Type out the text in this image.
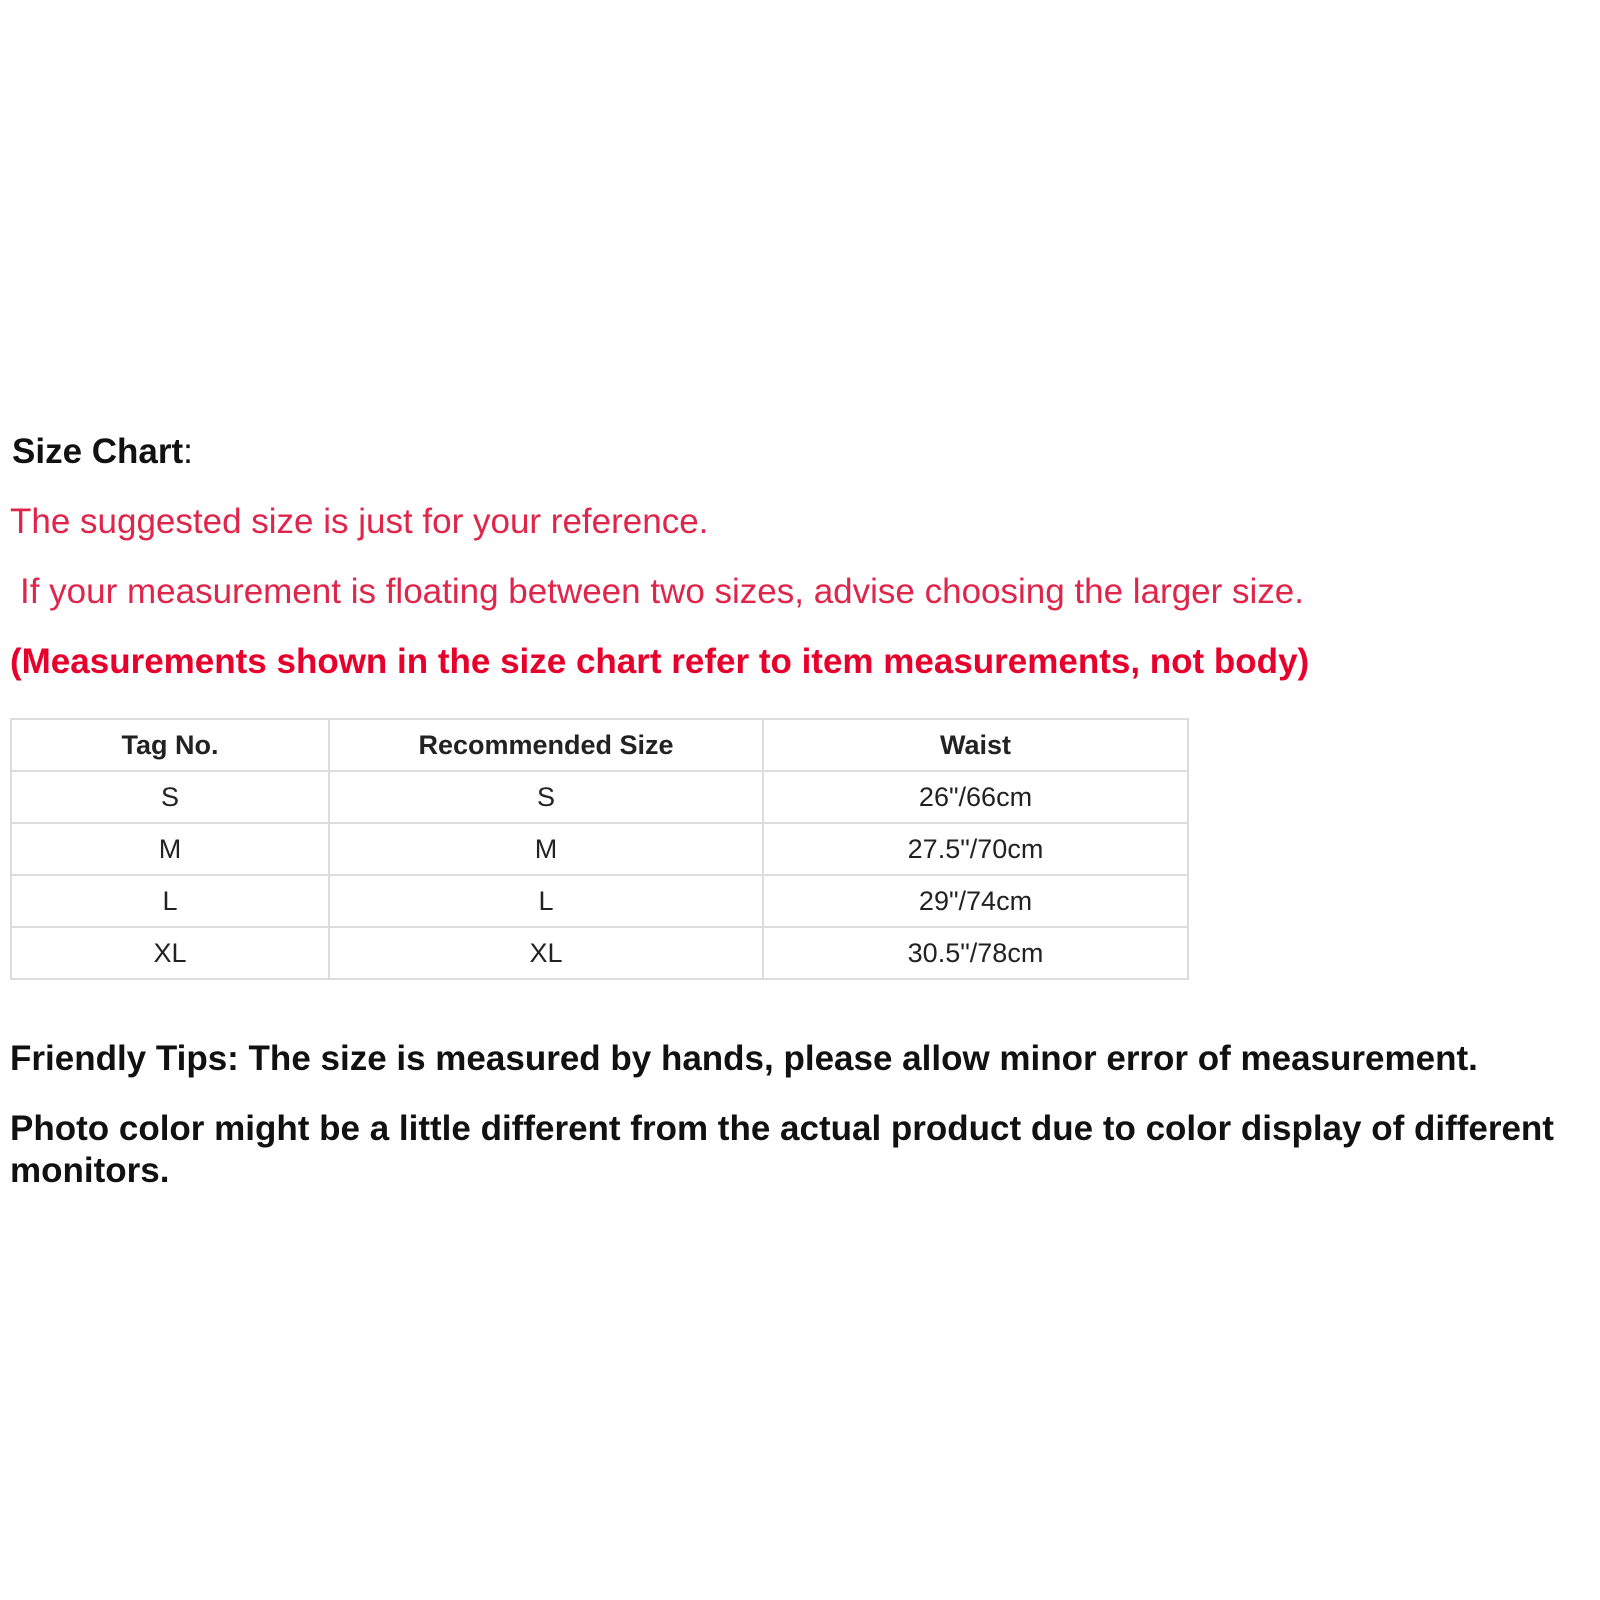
Size Chart:
The suggested size is just for your reference.
If your measurement is floating between two sizes, advise choosing the larger size.
(Measurements shown in the size chart refer to item measurements, not body)
Tag No.	Recommended Size	Waist
S	S	26"/66cm
M	M	27.5"/70cm
L	L	29"/74cm
XL	XL	30.5"/78cm
Friendly Tips: The size is measured by hands, please allow minor error of measurement.
Photo color might be a little different from the actual product due to color display of different monitors.
